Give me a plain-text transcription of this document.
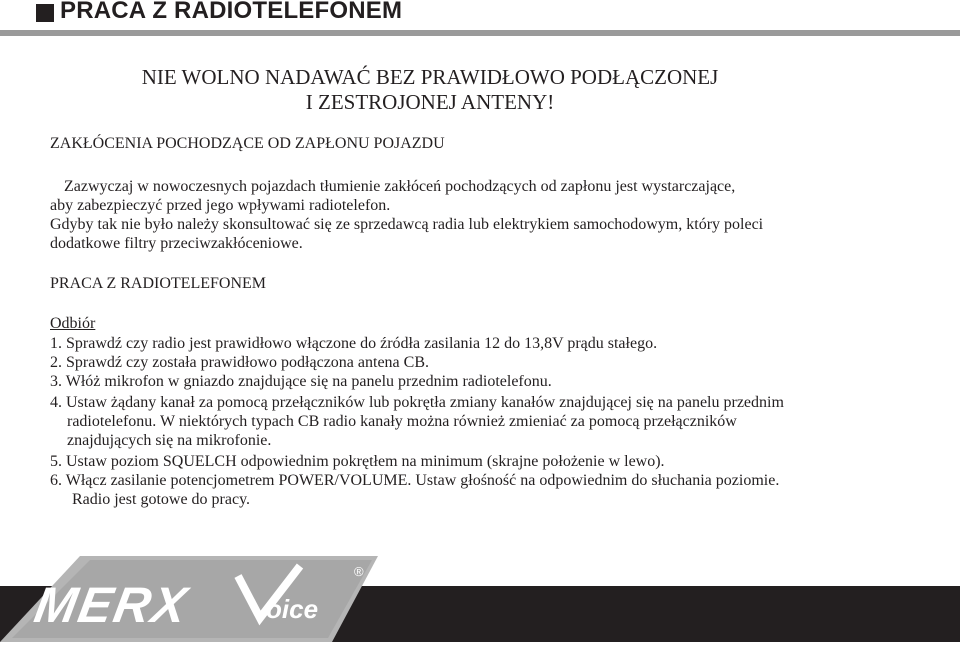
PRACA Z RADIOTELEFONEM
NIE WOLNO NADAWAĆ BEZ PRAWIDŁOWO PODŁĄCZONEJ
I ZESTROJONEJ ANTENY!
ZAKŁÓCENIA POCHODZĄCE OD ZAPŁONU POJAZDU
Zazwyczaj w nowoczesnych pojazdach tłumienie zakłóceń pochodzących od zapłonu jest wystarczające,
aby zabezpieczyć przed jego wpływami radiotelefon.
Gdyby tak nie było należy skonsultować się ze sprzedawcą radia lub elektrykiem samochodowym, który poleci
dodatkowe filtry przeciwzakłóceniowe.
PRACA Z RADIOTELEFONEM
Odbiór
1. Sprawdź czy radio jest prawidłowo włączone do źródła zasilania 12 do 13,8V prądu stałego.
2. Sprawdź czy została prawidłowo podłączona antena CB.
3. Włóż mikrofon w gniazdo znajdujące się na panelu przednim radiotelefonu.
4. Ustaw żądany kanał za pomocą przełączników lub pokrętła zmiany kanałów znajdującej się na panelu przednim
radiotelefonu. W niektórych typach CB radio kanały można również zmieniać za pomocą przełączników
znajdujących się na mikrofonie.
5. Ustaw poziom SQUELCH odpowiednim pokrętłem na minimum (skrajne położenie w lewo).
6. Włącz zasilanie potencjometrem POWER/VOLUME. Ustaw głośność na odpowiednim do słuchania poziomie.
Radio jest gotowe do pracy.
MERX	oice
®
